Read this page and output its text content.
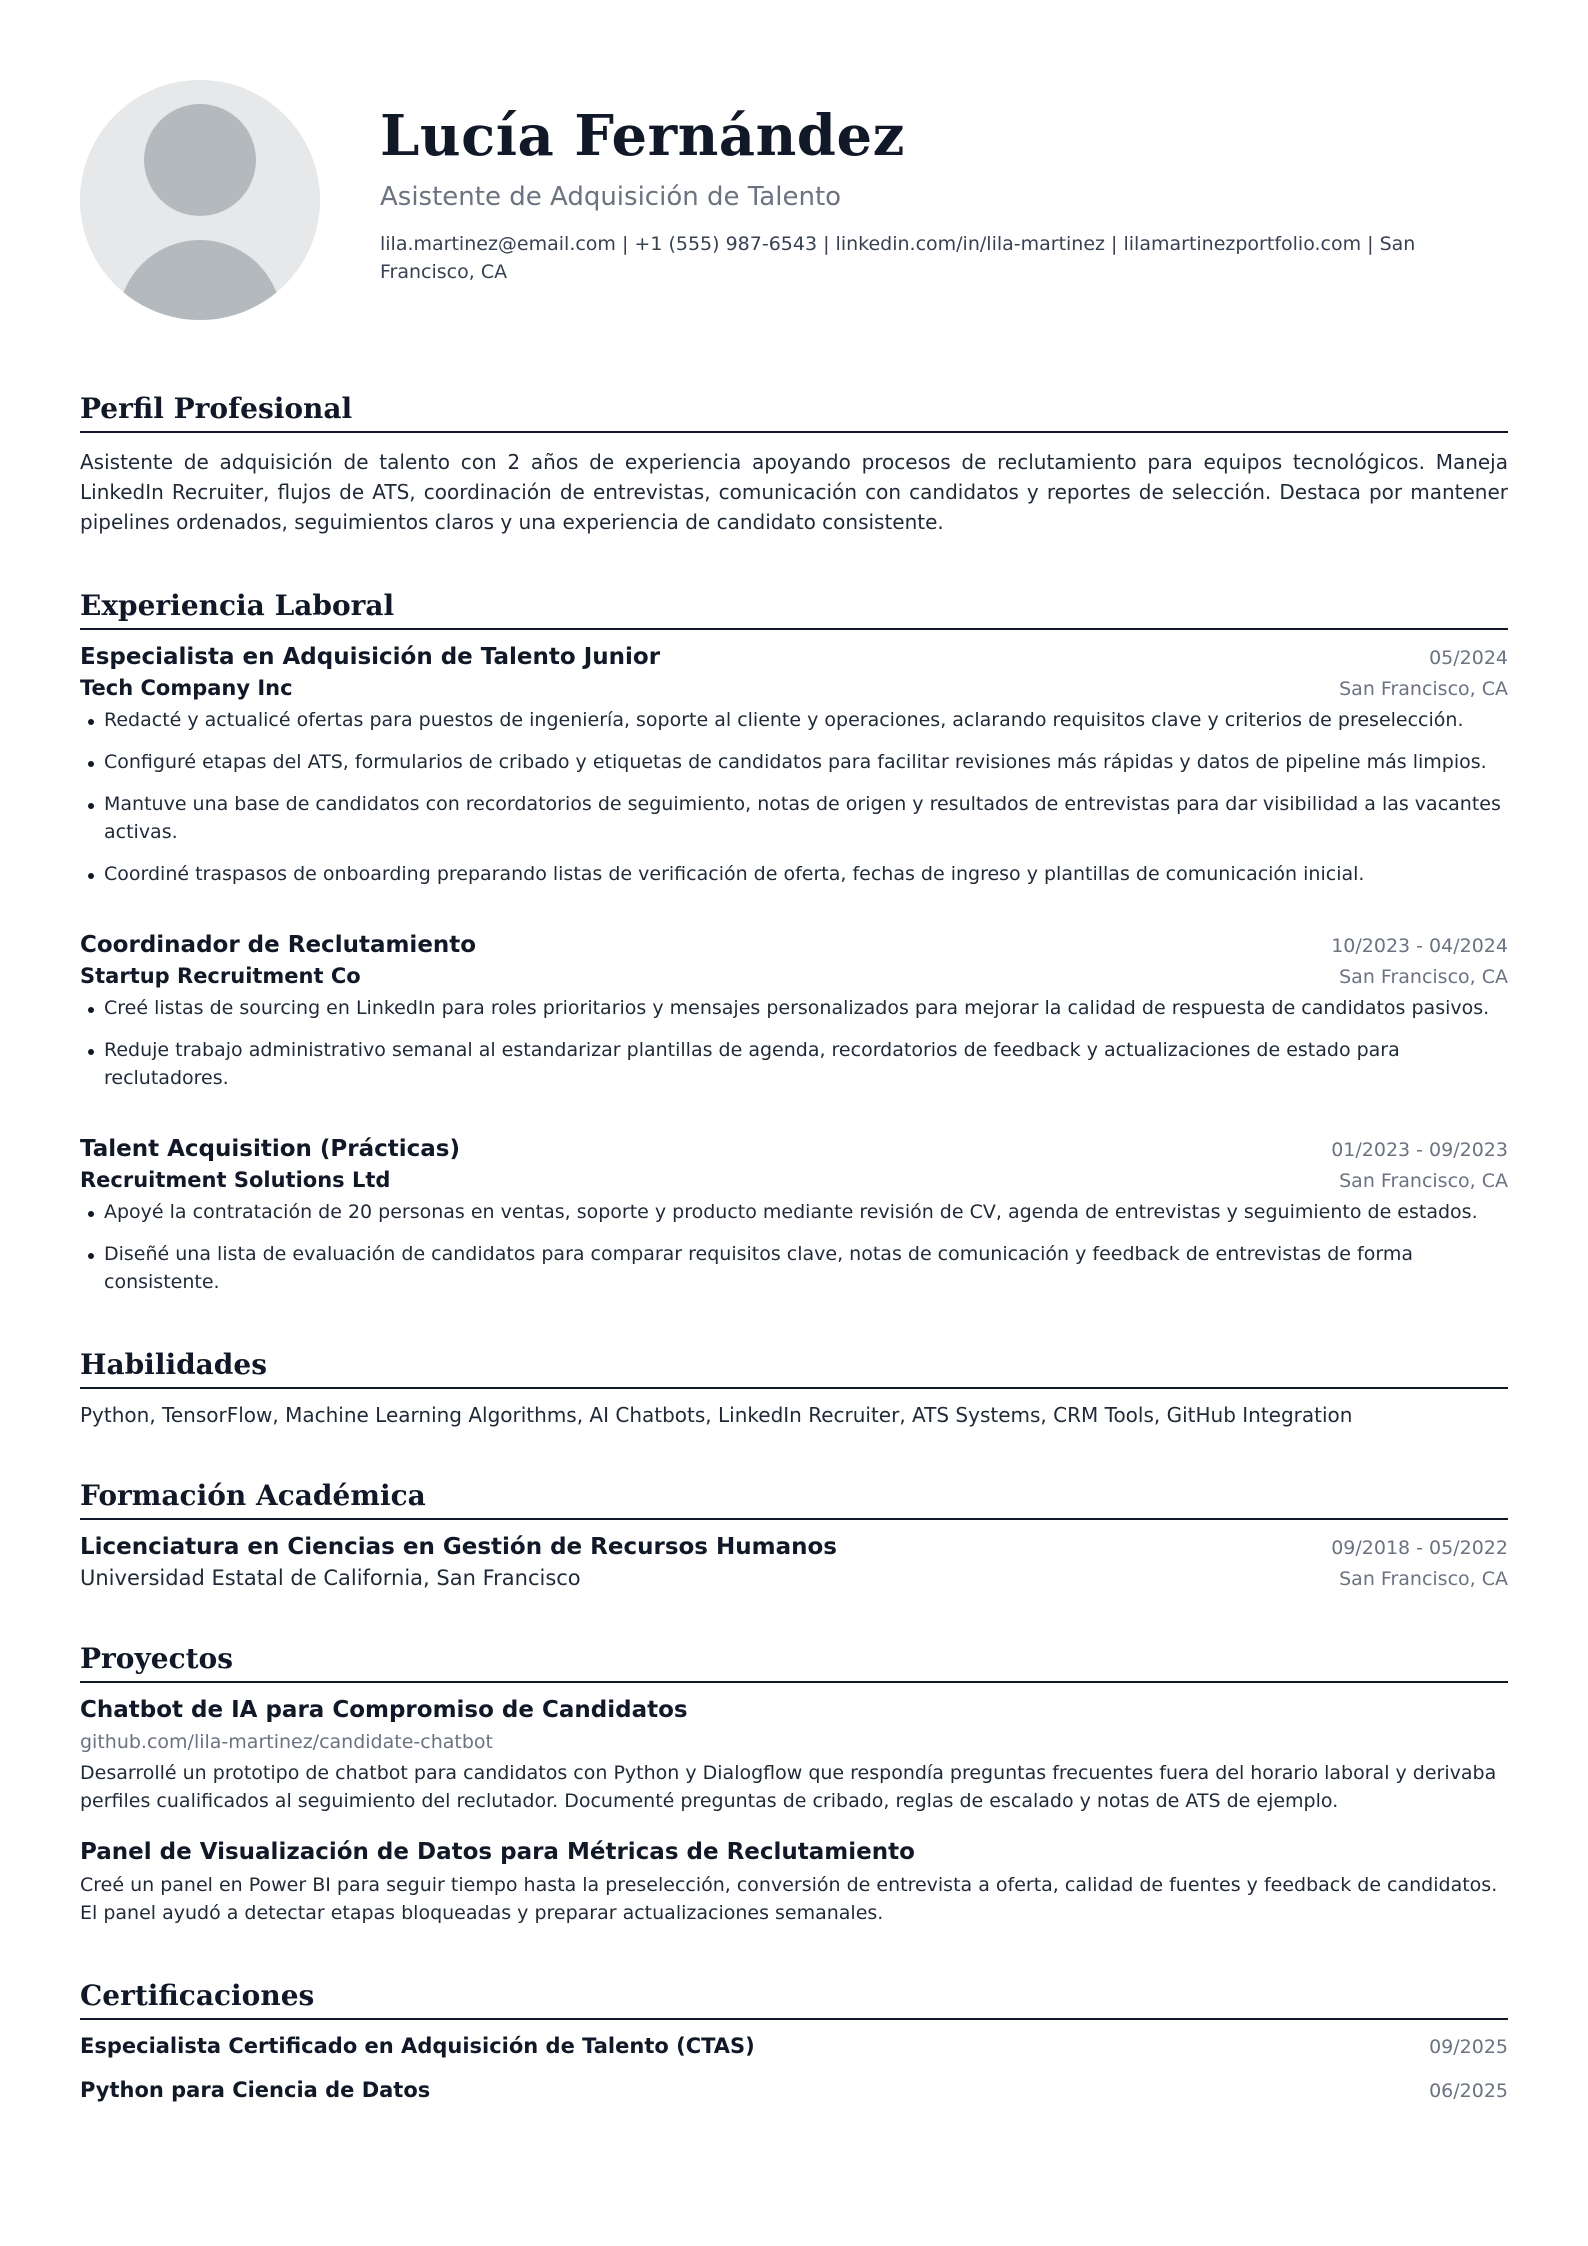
Lucía Fernández
Asistente de Adquisición de Talento
lila.martinez@email.com | +1 (555) 987-6543 | linkedin.com/in/lila-martinez | lilamartinezportfolio.com | San Francisco, CA
Perfil Profesional

Asistente de adquisición de talento con 2 años de experiencia apoyando procesos de reclutamiento para equipos tecnológicos. Maneja LinkedIn Recruiter, flujos de ATS, coordinación de entrevistas, comunicación con candidatos y reportes de selección. Destaca por mantener pipelines ordenados, seguimientos claros y una experiencia de candidato consistente.

Experiencia Laboral
Especialista en Adquisición de Talento Junior	05/2024
Tech Company Inc	San Francisco, CA
Redacté y actualicé ofertas para puestos de ingeniería, soporte al cliente y operaciones, aclarando requisitos clave y criterios de preselección.
Configuré etapas del ATS, formularios de cribado y etiquetas de candidatos para facilitar revisiones más rápidas y datos de pipeline más limpios.
Mantuve una base de candidatos con recordatorios de seguimiento, notas de origen y resultados de entrevistas para dar visibilidad a las vacantes activas.
Coordiné traspasos de onboarding preparando listas de verificación de oferta, fechas de ingreso y plantillas de comunicación inicial.
Coordinador de Reclutamiento	10/2023 - 04/2024
Startup Recruitment Co	San Francisco, CA
Creé listas de sourcing en LinkedIn para roles prioritarios y mensajes personalizados para mejorar la calidad de respuesta de candidatos pasivos.
Reduje trabajo administrativo semanal al estandarizar plantillas de agenda, recordatorios de feedback y actualizaciones de estado para reclutadores.
Talent Acquisition (Prácticas)	01/2023 - 09/2023
Recruitment Solutions Ltd	San Francisco, CA
Apoyé la contratación de 20 personas en ventas, soporte y producto mediante revisión de CV, agenda de entrevistas y seguimiento de estados.
Diseñé una lista de evaluación de candidatos para comparar requisitos clave, notas de comunicación y feedback de entrevistas de forma consistente.
Habilidades
Python, TensorFlow, Machine Learning Algorithms, AI Chatbots, LinkedIn Recruiter, ATS Systems, CRM Tools, GitHub Integration
Formación Académica
Licenciatura en Ciencias en Gestión de Recursos Humanos	09/2018 - 05/2022
Universidad Estatal de California, San Francisco	San Francisco, CA
Proyectos
Chatbot de IA para Compromiso de Candidatos
github.com/lila-martinez/candidate-chatbot
Desarrollé un prototipo de chatbot para candidatos con Python y Dialogflow que respondía preguntas frecuentes fuera del horario laboral y derivaba perfiles cualificados al seguimiento del reclutador. Documenté preguntas de cribado, reglas de escalado y notas de ATS de ejemplo.
Panel de Visualización de Datos para Métricas de Reclutamiento
Creé un panel en Power BI para seguir tiempo hasta la preselección, conversión de entrevista a oferta, calidad de fuentes y feedback de candidatos. El panel ayudó a detectar etapas bloqueadas y preparar actualizaciones semanales.
Certificaciones
Especialista Certificado en Adquisición de Talento (CTAS)	09/2025
Python para Ciencia de Datos	06/2025
